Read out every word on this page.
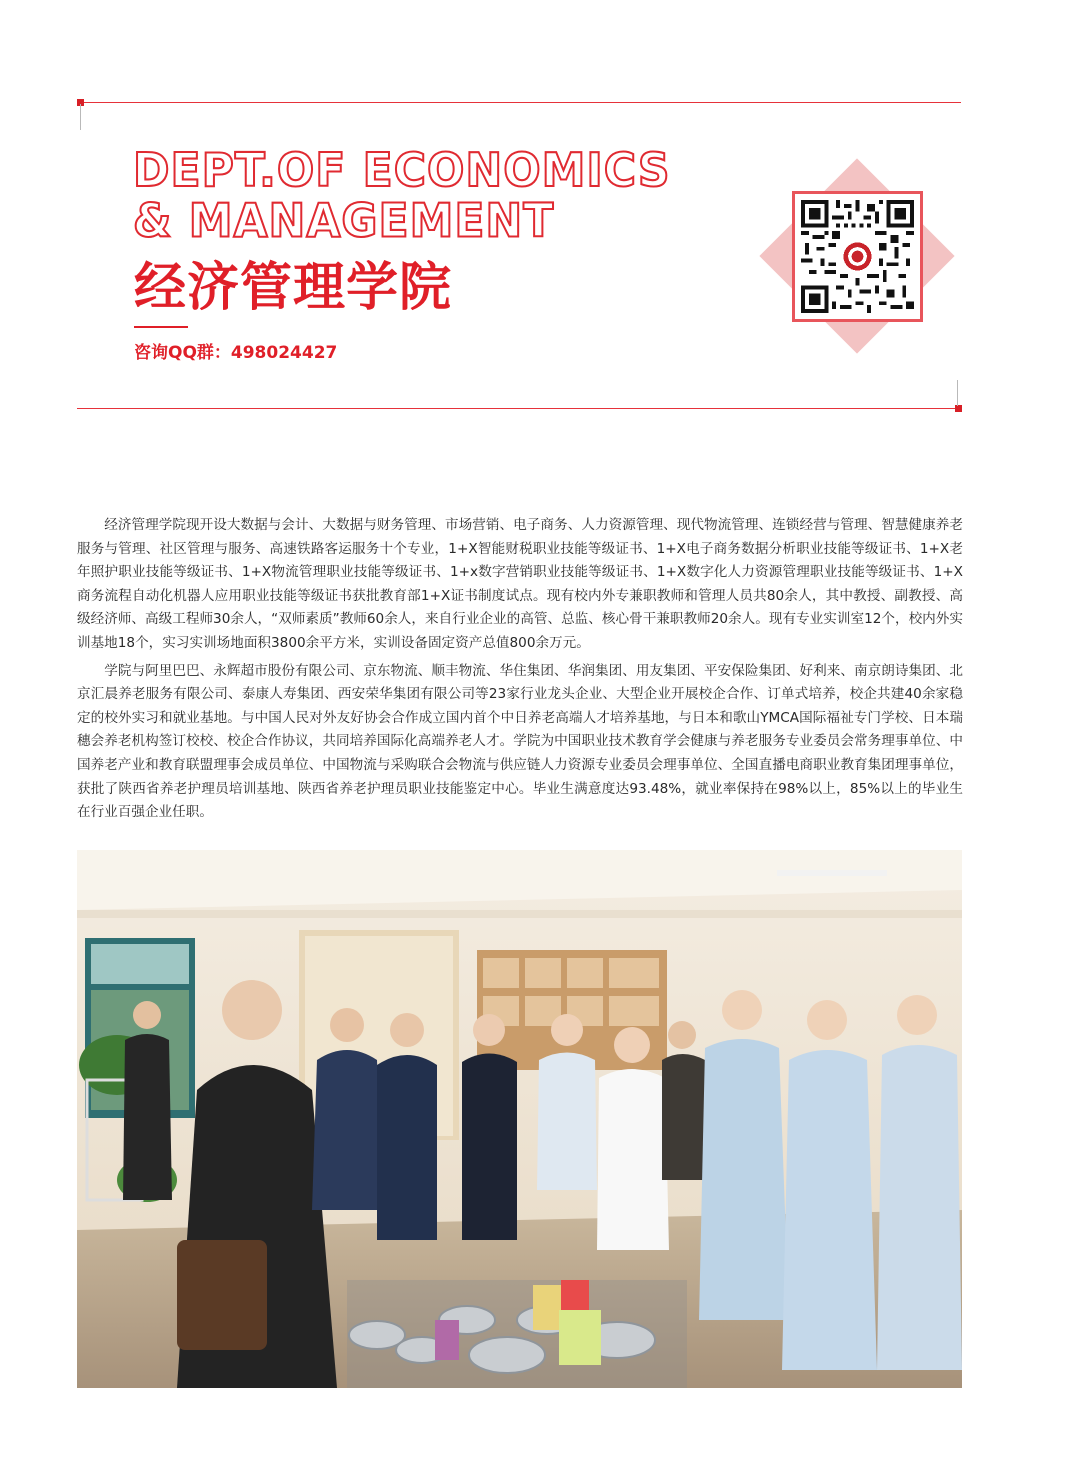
DEPT.OF ECONOMICS
& MANAGEMENT
经济管理学院
咨询QQ群：498024427

经济管理学院现开设大数据与会计、大数据与财务管理、市场营销、电子商务、人力资源管理、现代物流管理、连锁经营与管理、智慧健康养老服务与管理、社区管理与服务、高速铁路客运服务十个专业，1+X智能财税职业技能等级证书、1+X电子商务数据分析职业技能等级证书、1+X老年照护职业技能等级证书、1+X物流管理职业技能等级证书、1+x数字营销职业技能等级证书、1+X数字化人力资源管理职业技能等级证书、1+X商务流程自动化机器人应用职业技能等级证书获批教育部1+X证书制度试点。现有校内外专兼职教师和管理人员共80余人，其中教授、副教授、高级经济师、高级工程师30余人，“双师素质”教师60余人，来自行业企业的高管、总监、核心骨干兼职教师20余人。现有专业实训室12个，校内外实训基地18个，实习实训场地面积3800余平方米，实训设备固定资产总值800余万元。

学院与阿里巴巴、永辉超市股份有限公司、京东物流、顺丰物流、华住集团、华润集团、用友集团、平安保险集团、好利来、南京朗诗集团、北京汇晨养老服务有限公司、泰康人寿集团、西安荣华集团有限公司等23家行业龙头企业、大型企业开展校企合作、订单式培养，校企共建40余家稳定的校外实习和就业基地。与中国人民对外友好协会合作成立国内首个中日养老高端人才培养基地，与日本和歌山YMCA国际福祉专门学校、日本瑞穗会养老机构签订校校、校企合作协议，共同培养国际化高端养老人才。学院为中国职业技术教育学会健康与养老服务专业委员会常务理事单位、中国养老产业和教育联盟理事会成员单位、中国物流与采购联合会物流与供应链人力资源专业委员会理事单位、全国直播电商职业教育集团理事单位，获批了陕西省养老护理员培训基地、陕西省养老护理员职业技能鉴定中心。毕业生满意度达93.48%，就业率保持在98%以上，85%以上的毕业生在行业百强企业任职。
